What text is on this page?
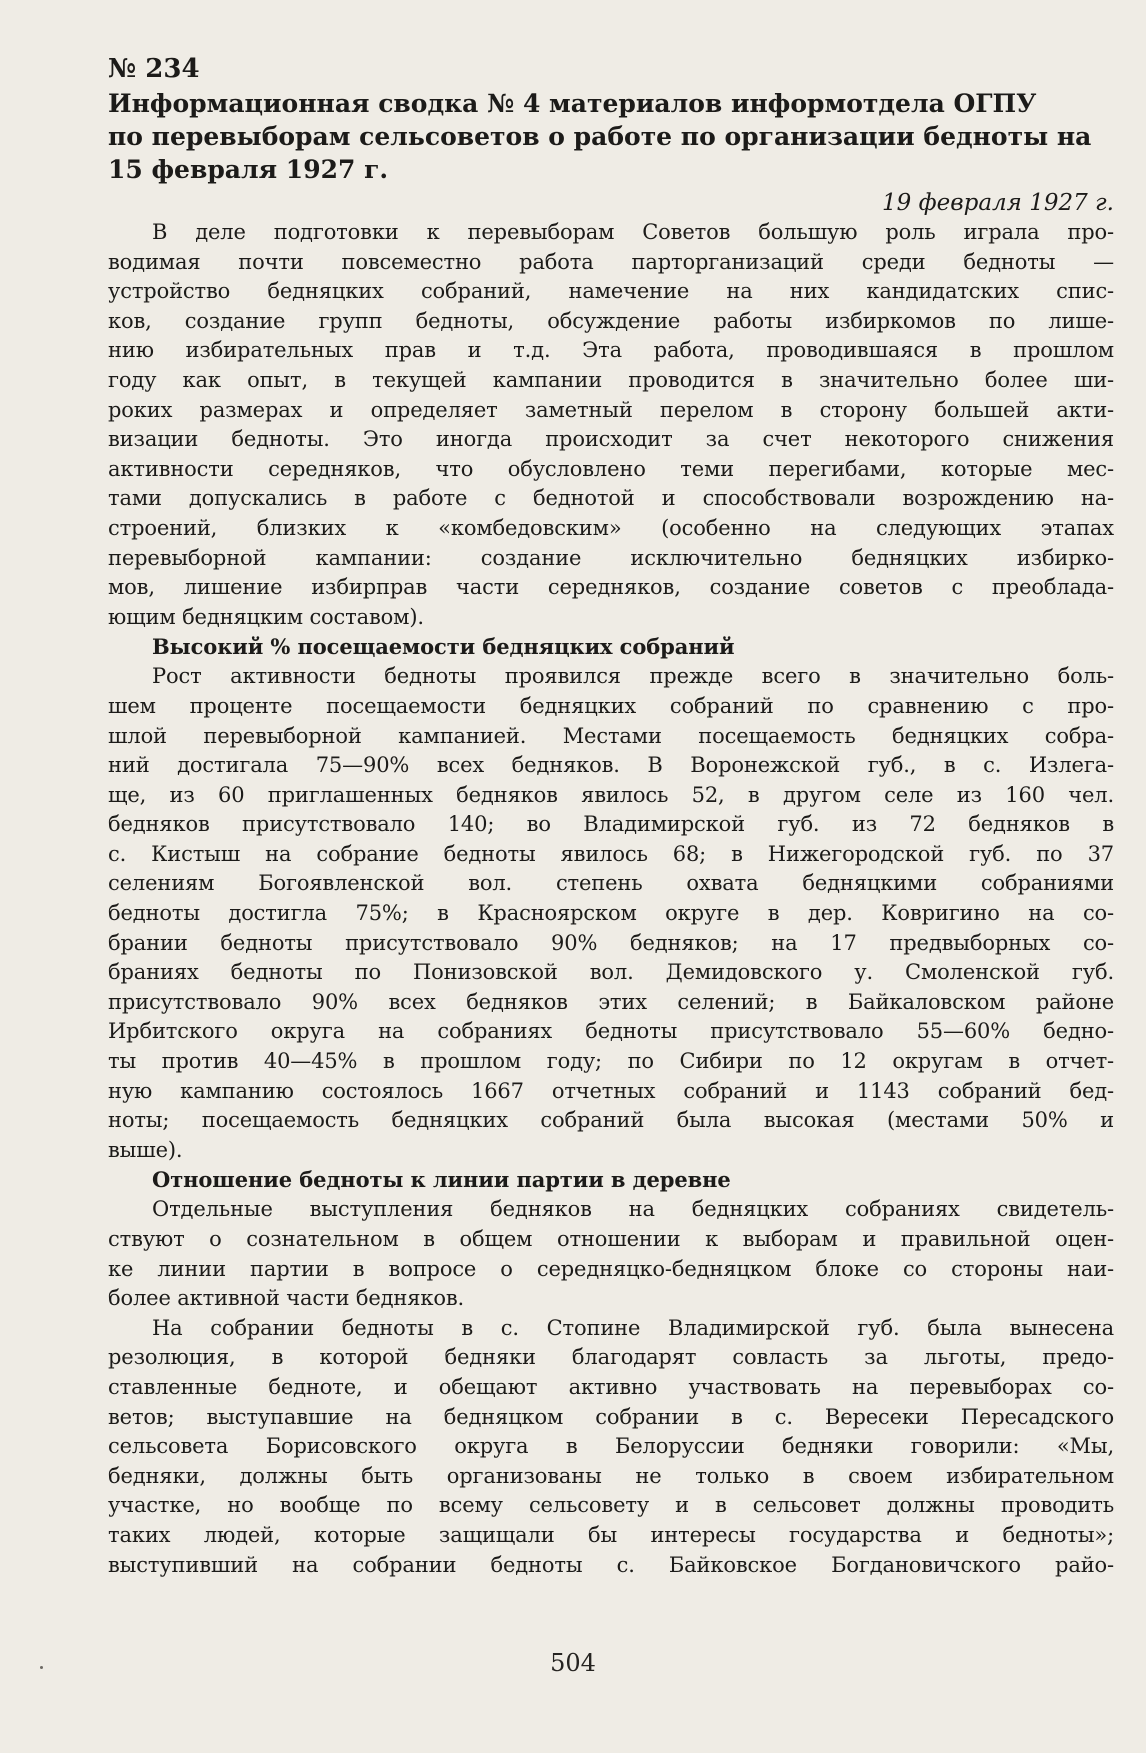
№ 234
Информационная сводка № 4 материалов информотдела ОГПУ
по перевыборам сельсоветов о работе по организации бедноты на
15 февраля 1927 г.
19 февраля 1927 г.
В деле подготовки к перевыборам Советов большую роль играла про-
водимая почти повсеместно работа парторганизаций среди бедноты —
устройство бедняцких собраний, намечение на них кандидатских спис-
ков, создание групп бедноты, обсуждение работы избиркомов по лише-
нию избирательных прав и т.д. Эта работа, проводившаяся в прошлом
году как опыт, в текущей кампании проводится в значительно более ши-
роких размерах и определяет заметный перелом в сторону большей акти-
визации бедноты. Это иногда происходит за счет некоторого снижения
активности середняков, что обусловлено теми перегибами, которые мес-
тами допускались в работе с беднотой и способствовали возрождению на-
строений, близких к «комбедовским» (особенно на следующих этапах
перевыборной кампании: создание исключительно бедняцких избирко-
мов, лишение избирправ части середняков, создание советов с преоблада-
ющим бедняцким составом).
Высокий % посещаемости бедняцких собраний
Рост активности бедноты проявился прежде всего в значительно боль-
шем проценте посещаемости бедняцких собраний по сравнению с про-
шлой перевыборной кампанией. Местами посещаемость бедняцких собра-
ний достигала 75—90% всех бедняков. В Воронежской губ., в с. Излега-
ще, из 60 приглашенных бедняков явилось 52, в другом селе из 160 чел.
бедняков присутствовало 140; во Владимирской губ. из 72 бедняков в
с. Кистыш на собрание бедноты явилось 68; в Нижегородской губ. по 37
селениям Богоявленской вол. степень охвата бедняцкими собраниями
бедноты достигла 75%; в Красноярском округе в дер. Ковригино на со-
брании бедноты присутствовало 90% бедняков; на 17 предвыборных со-
браниях бедноты по Понизовской вол. Демидовского у. Смоленской губ.
присутствовало 90% всех бедняков этих селений; в Байкаловском районе
Ирбитского округа на собраниях бедноты присутствовало 55—60% бедно-
ты против 40—45% в прошлом году; по Сибири по 12 округам в отчет-
ную кампанию состоялось 1667 отчетных собраний и 1143 собраний бед-
ноты; посещаемость бедняцких собраний была высокая (местами 50% и
выше).
Отношение бедноты к линии партии в деревне
Отдельные выступления бедняков на бедняцких собраниях свидетель-
ствуют о сознательном в общем отношении к выборам и правильной оцен-
ке линии партии в вопросе о середняцко-бедняцком блоке со стороны наи-
более активной части бедняков.
На собрании бедноты в с. Стопине Владимирской губ. была вынесена
резолюция, в которой бедняки благодарят совласть за льготы, предо-
ставленные бедноте, и обещают активно участвовать на перевыборах со-
ветов; выступавшие на бедняцком собрании в с. Вересеки Пересадского
сельсовета Борисовского округа в Белоруссии бедняки говорили: «Мы,
бедняки, должны быть организованы не только в своем избирательном
участке, но вообще по всему сельсовету и в сельсовет должны проводить
таких людей, которые защищали бы интересы государства и бедноты»;
выступивший на собрании бедноты с. Байковское Богдановичского райо-
504
